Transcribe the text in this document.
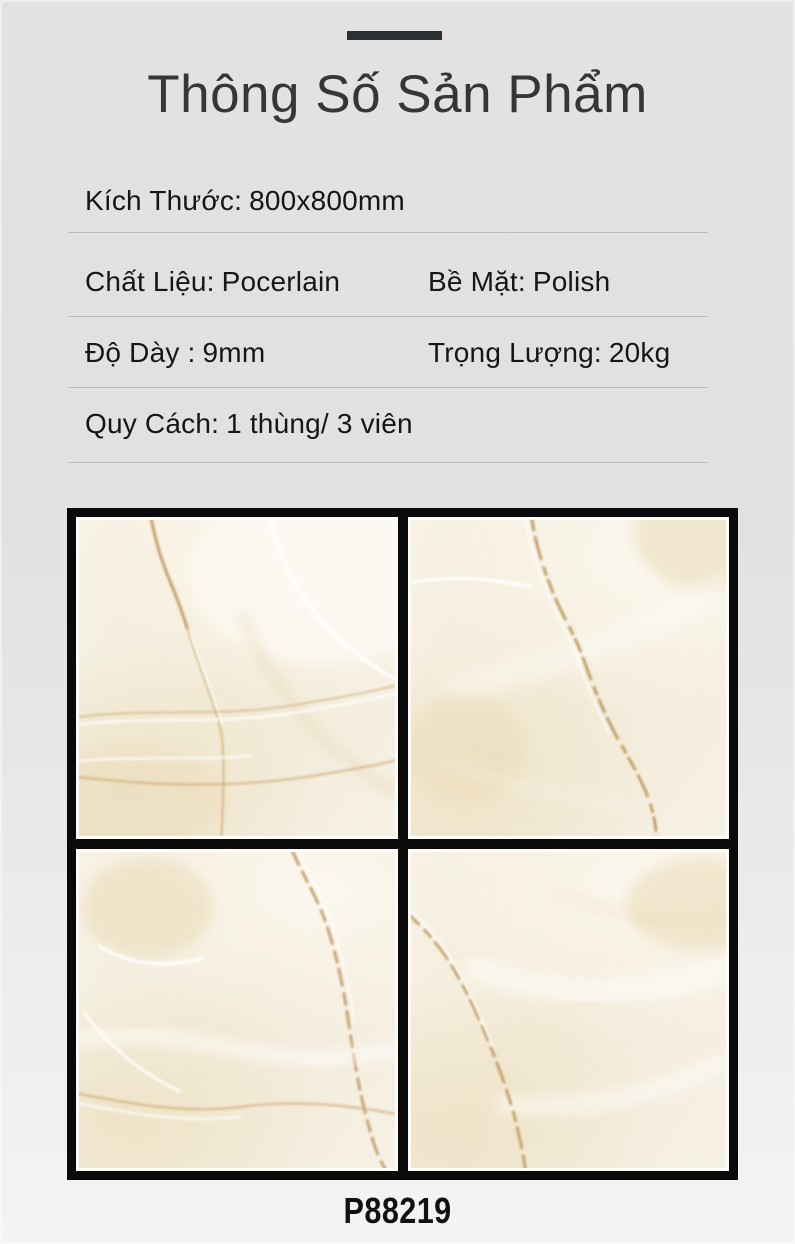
Thông Số Sản Phẩm
Kích Thước: 800x800mm
Chất Liệu: Pocerlain	Bề Mặt: Polish
Độ Dày : 9mm	Trọng Lượng: 20kg
Quy Cách: 1 thùng/ 3 viên
P88219
